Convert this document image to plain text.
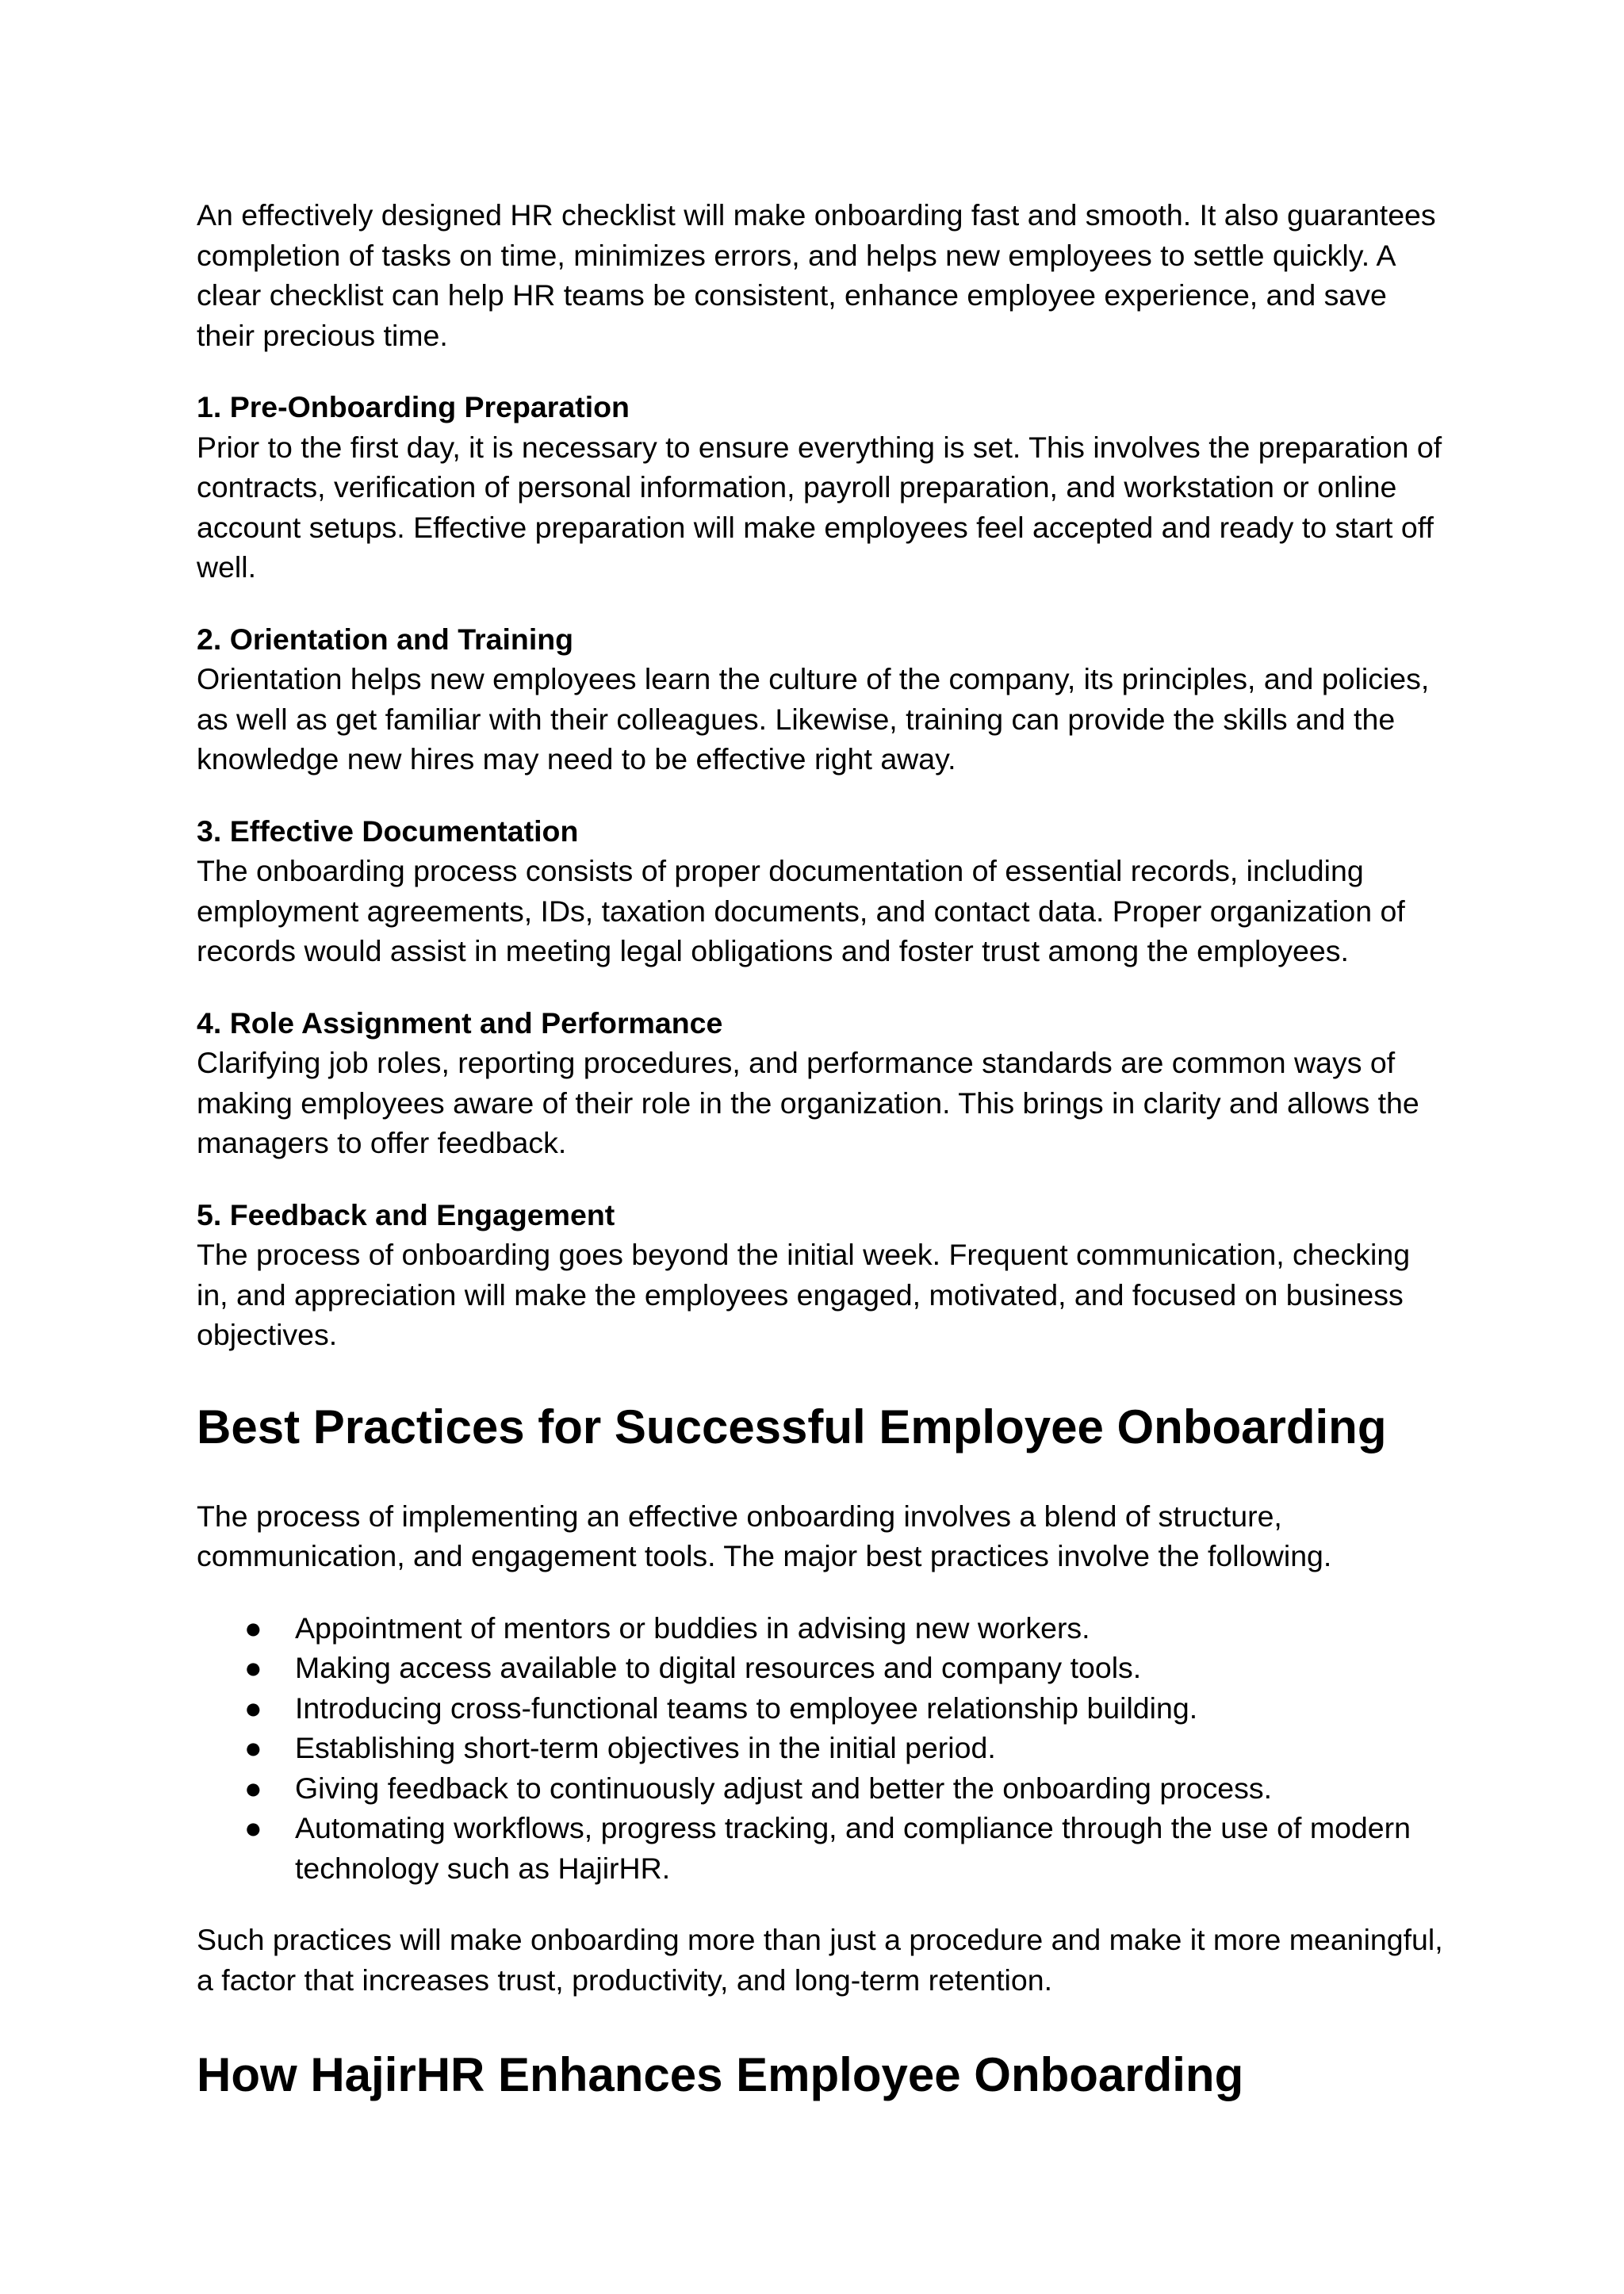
An effectively designed HR checklist will make onboarding fast and smooth. It also guarantees completion of tasks on time, minimizes errors, and helps new employees to settle quickly. A clear checklist can help HR teams be consistent, enhance employee experience, and save their precious time.

1. Pre-Onboarding Preparation

Prior to the first day, it is necessary to ensure everything is set. This involves the preparation of contracts, verification of personal information, payroll preparation, and workstation or online account setups. Effective preparation will make employees feel accepted and ready to start off well.

2. Orientation and Training

Orientation helps new employees learn the culture of the company, its principles, and policies, as well as get familiar with their colleagues. Likewise, training can provide the skills and the knowledge new hires may need to be effective right away.

3. Effective Documentation

The onboarding process consists of proper documentation of essential records, including employment agreements, IDs, taxation documents, and contact data. Proper organization of records would assist in meeting legal obligations and foster trust among the employees.

4. Role Assignment and Performance

Clarifying job roles, reporting procedures, and performance standards are common ways of making employees aware of their role in the organization. This brings in clarity and allows the managers to offer feedback.

5. Feedback and Engagement

The process of onboarding goes beyond the initial week. Frequent communication, checking in, and appreciation will make the employees engaged, motivated, and focused on business objectives.

Best Practices for Successful Employee Onboarding

The process of implementing an effective onboarding involves a blend of structure, communication, and engagement tools. The major best practices involve the following.

●	Appointment of mentors or buddies in advising new workers.
●	Making access available to digital resources and company tools.
●	Introducing cross-functional teams to employee relationship building.
●	Establishing short-term objectives in the initial period.
●	Giving feedback to continuously adjust and better the onboarding process.
●	Automating workflows, progress tracking, and compliance through the use of modern technology such as HajirHR.

Such practices will make onboarding more than just a procedure and make it more meaningful, a factor that increases trust, productivity, and long-term retention.

How HajirHR Enhances Employee Onboarding
